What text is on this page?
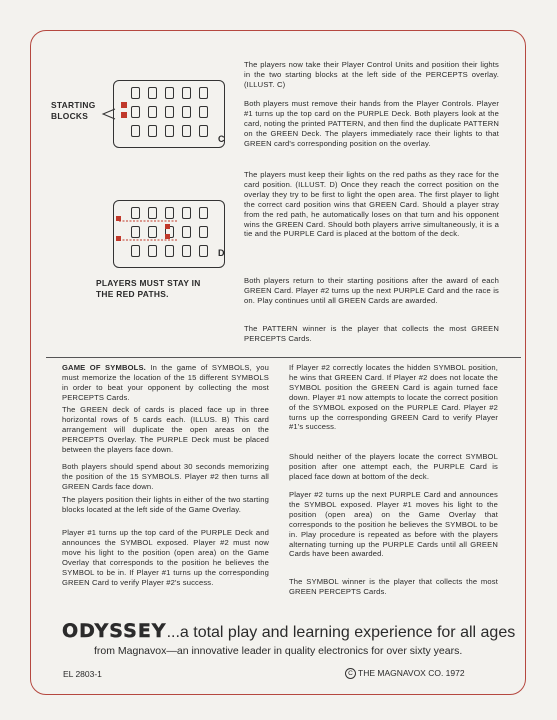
STARTING BLOCKS
C
D
PLAYERS MUST STAY IN THE RED PATHS.

The players now take their Player Control Units and position their lights in the two starting blocks at the left side of the PERCEPTS overlay. (ILLUST. C)

Both players must remove their hands from the Player Controls. Player #1 turns up the top card on the PURPLE Deck. Both players look at the card, noting the printed PATTERN, and then find the duplicate PATTERN on the GREEN Deck. The players immediately race their lights to that GREEN card's corresponding position on the overlay.

The players must keep their lights on the red paths as they race for the card position. (ILLUST. D) Once they reach the correct position on the overlay they try to be first to light the open area. The first player to light the correct card position wins that GREEN Card. Should a player stray from the red path, he automatically loses on that turn and his opponent wins the GREEN Card. Should both players arrive simultaneously, it is a tie and the PURPLE Card is placed at the bottom of the deck.

Both players return to their starting positions after the award of each GREEN Card. Player #2 turns up the next PURPLE Card and the race is on. Play continues until all GREEN Cards are awarded.

The PATTERN winner is the player that collects the most GREEN PERCEPTS Cards.

GAME OF SYMBOLS. In the game of SYMBOLS, you must memorize the location of the 15 different SYMBOLS in order to beat your opponent by collecting the most PERCEPTS Cards.

The GREEN deck of cards is placed face up in three horizontal rows of 5 cards each. (ILLUS. B) This card arrangement will duplicate the open areas on the PERCEPTS Overlay. The PURPLE Deck must be placed between the players face down.

Both players should spend about 30 seconds memorizing the position of the 15 SYMBOLS. Player #2 then turns all GREEN Cards face down.

The players position their lights in either of the two starting blocks located at the left side of the Game Overlay.

Player #1 turns up the top card of the PURPLE Deck and announces the SYMBOL exposed. Player #2 must now move his light to the position (open area) on the Game Overlay that corresponds to the position he believes the SYMBOL to be in. If Player #1 turns up the corresponding GREEN Card to verify Player #2's success.

If Player #2 correctly locates the hidden SYMBOL position, he wins that GREEN Card. If Player #2 does not locate the SYMBOL position the GREEN Card is again turned face down. Player #1 now attempts to locate the correct position of the SYMBOL exposed on the PURPLE Card. Player #2 turns up the corresponding GREEN Card to verify Player #1's success.

Should neither of the players locate the correct SYMBOL position after one attempt each, the PURPLE Card is placed face down at bottom of the deck.

Player #2 turns up the next PURPLE Card and announces the SYMBOL exposed. Player #1 moves his light to the position (open area) on the Game Overlay that corresponds to the position he believes the SYMBOL to be in. Play procedure is repeated as before with the players alternating turning up the PURPLE Cards until all GREEN Cards have been awarded.

The SYMBOL winner is the player that collects the most GREEN PERCEPTS Cards.

ODYSSEY...a total play and learning experience for all ages
from Magnavox—an innovative leader in quality electronics for over sixty years.
EL 2803-1	C THE MAGNAVOX CO. 1972
